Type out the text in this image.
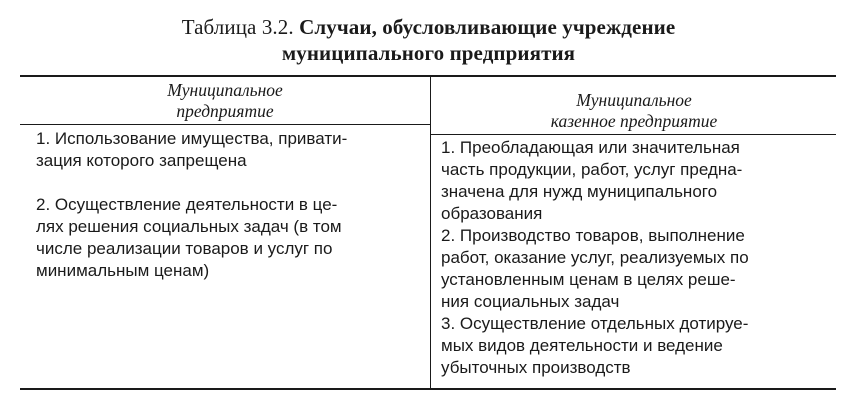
Таблица 3.2. Случаи, обусловливающие учреждение
муниципального предприятия

Муниципальное
предприятие

Муниципальное
казенное предприятие

1. Использование имущества, привати-
зация которого запрещена

2. Осуществление деятельности в це-
лях решения социальных задач (в том
числе реализации товаров и услуг по
минимальным ценам)

1. Преобладающая или значительная
часть продукции, работ, услуг предна-
значена для нужд муниципального
образования

2. Производство товаров, выполнение
работ, оказание услуг, реализуемых по
установленным ценам в целях реше-
ния социальных задач

3. Осуществление отдельных дотируе-
мых видов деятельности и ведение
убыточных производств
